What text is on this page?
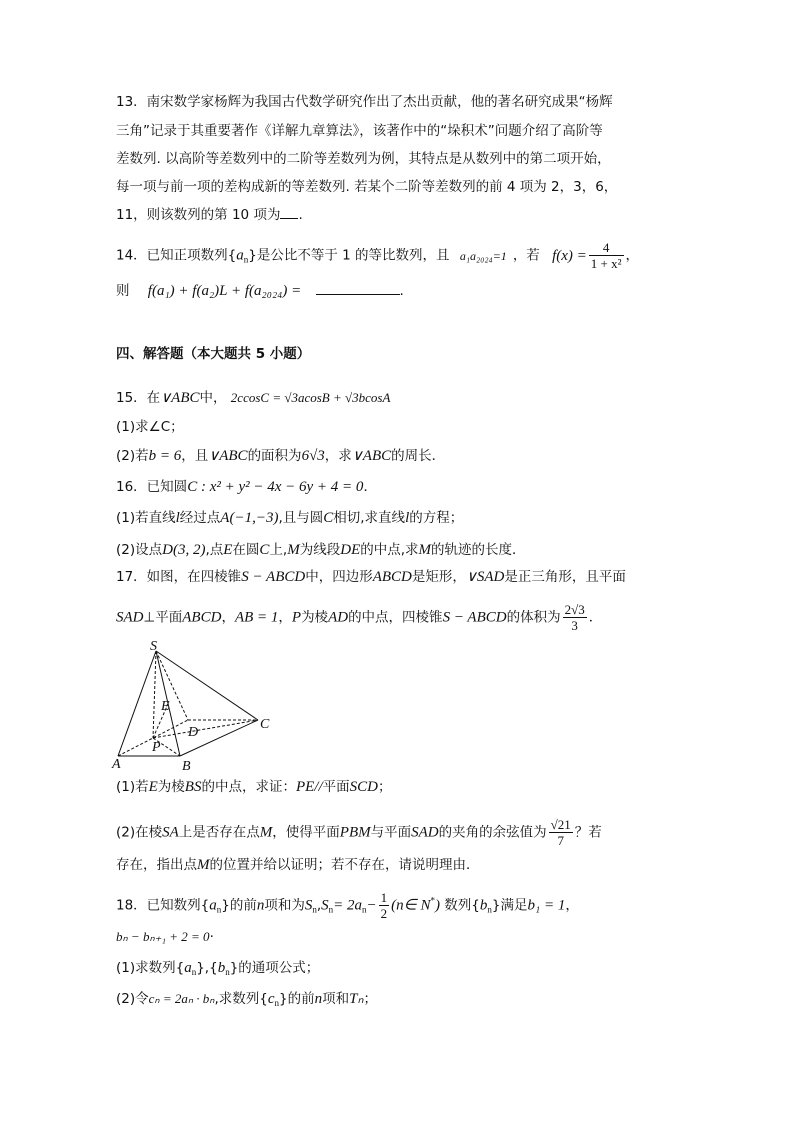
13．南宋数学家杨辉为我国古代数学研究作出了杰出贡献，他的著名研究成果“杨辉
三角”记录于其重要著作《详解九章算法》，该著作中的“垛积术”问题介绍了高阶等
差数列. 以高阶等差数列中的二阶等差数列为例，其特点是从数列中的第二项开始，
每一项与前一项的差构成新的等差数列. 若某个二阶等差数列的前 4 项为 2，3，6，
11，则该数列的第 10 项为 .
14．已知正项数列$\{a_n\}$是公比不等于 1 的等比数列，且 a₁a₂₀₂₄=1 ，若 $f(x) = \frac{4}{\text{1 + x²}}$ ，
则 f(a₁) + f(a₂)L + f(a₂₀₂₄) =	.
四、解答题（本大题共 5 小题）
15．在∨ABC中， 2ccosC = √3acosB + √3bcosA
(1)求∠C；
(2)若b = 6，且∨ABC的面积为6√3，求∨ABC的周长．
16．已知圆C : x² + y² − 4x − 6y + 4 = 0．
(1)若直线l经过点A(−1,−3),且与圆C相切,求直线l的方程；
(2)设点D(3, 2),点E在圆C上,M为线段DE的中点,求M的轨迹的长度．
17．如图，在四棱锥S − ABCD中，四边形ABCD是矩形，∨SAD是正三角形，且平面
SAD⊥平面ABCD，AB = 1，P为棱AD的中点，四棱锥S − ABCD的体积为 $\frac{2√3}{3}$ ．
S
A	B
C
D
E
P
(1)若E为棱BS的中点，求证：PE//平面SCD；
(2)在棱SA上是否存在点M，使得平面PBM与平面SAD的夹角的余弦值为 $\frac{√21}{7}$ ？若
存在，指出点M的位置并给以证明；若不存在，请说明理由．
18．已知数列$\{a_n\}$的前n项和为$S_n,S_n= 2a_n- \frac{1}{2}$ (n∈ N*) 数列$\{b_n\}$满足b₁ = 1，
bₙ − bₙ₊₁ + 2 = 0·
(1)求数列$\{a_n\},\{b_n\}$的通项公式；
(2)令cₙ = 2aₙ · bₙ,求数列$\{c_n\}$的前n项和Tₙ；
